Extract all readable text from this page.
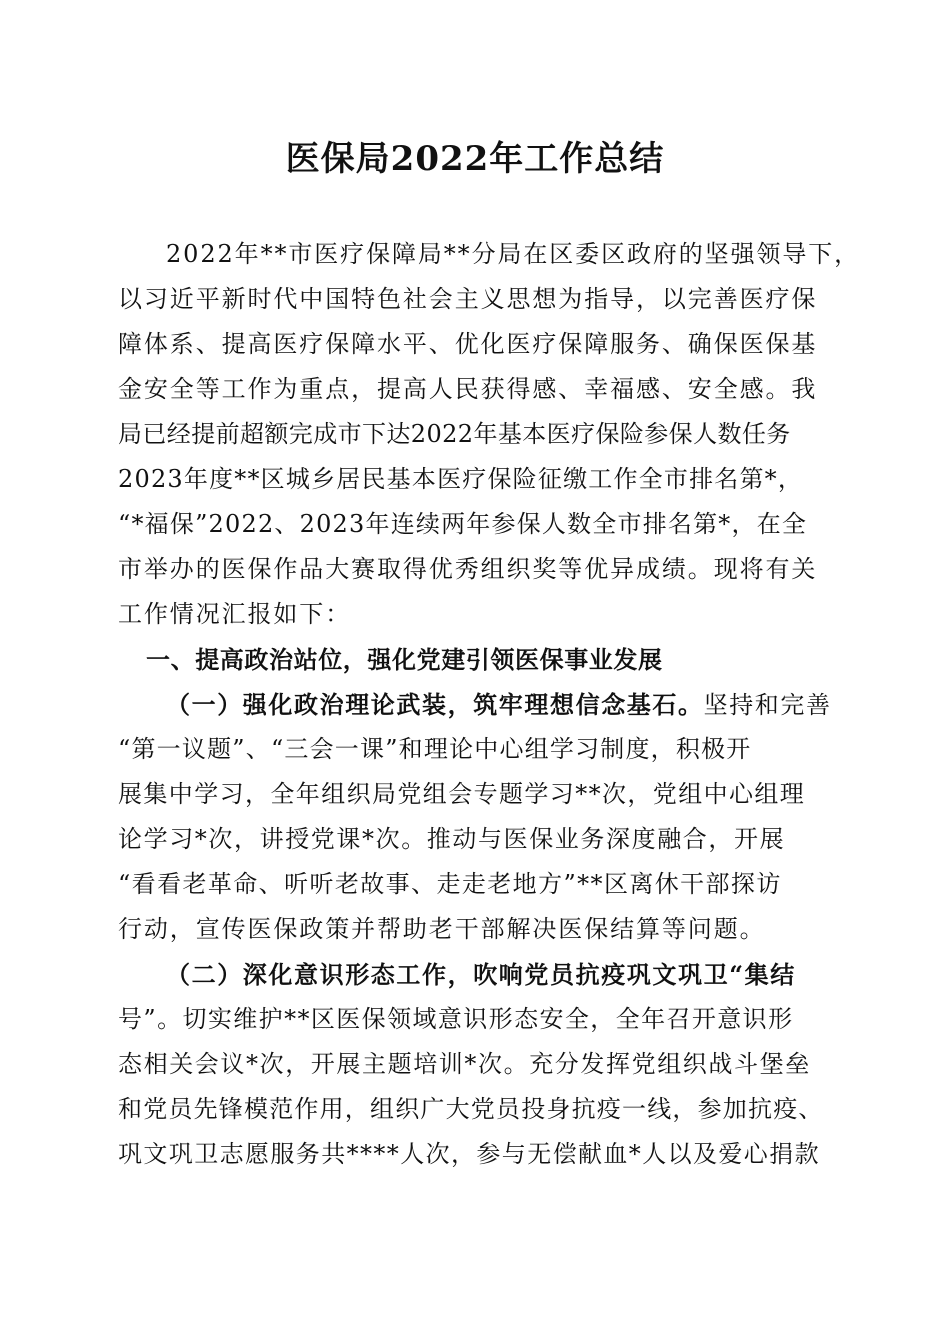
医保局2022年工作总结
2022年**市医疗保障局**分局在区委区政府的坚强领导下，
以习近平新时代中国特色社会主义思想为指导，以完善医疗保
障体系、提高医疗保障水平、优化医疗保障服务、确保医保基
金安全等工作为重点，提高人民获得感、幸福感、安全感。我
局已经提前超额完成市下达2022年基本医疗保险参保人数任务
2023年度**区城乡居民基本医疗保险征缴工作全市排名第*，
“*福保”2022、2023年连续两年参保人数全市排名第*，在全
市举办的医保作品大赛取得优秀组织奖等优异成绩。现将有关
工作情况汇报如下：
一、提高政治站位，强化党建引领医保事业发展
（一）强化政治理论武装，筑牢理想信念基石。坚持和完善
“第一议题”、“三会一课”和理论中心组学习制度，积极开
展集中学习，全年组织局党组会专题学习**次，党组中心组理
论学习*次，讲授党课*次。推动与医保业务深度融合，开展
“看看老革命、听听老故事、走走老地方”**区离休干部探访
行动，宣传医保政策并帮助老干部解决医保结算等问题。
（二）深化意识形态工作，吹响党员抗疫巩文巩卫“集结
号”。切实维护**区医保领域意识形态安全，全年召开意识形
态相关会议*次，开展主题培训*次。充分发挥党组织战斗堡垒
和党员先锋模范作用，组织广大党员投身抗疫一线，参加抗疫、
巩文巩卫志愿服务共****人次，参与无偿献血*人以及爱心捐款
